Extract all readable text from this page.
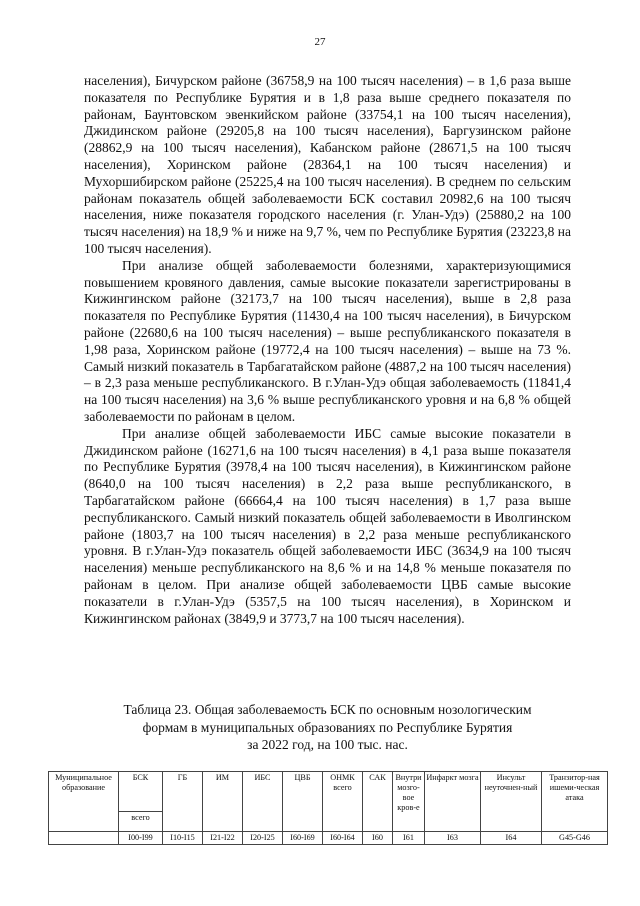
27

населения), Бичурском районе (36758,9 на 100 тысяч населения) – в 1,6 раза выше показателя по Республике Бурятия и в 1,8 раза выше среднего показателя по районам, Баунтовском эвенкийском районе (33754,1 на 100 тысяч населения), Джидинском районе (29205,8 на 100 тысяч населения), Баргузинском районе (28862,9 на 100 тысяч населения), Кабанском районе (28671,5 на 100 тысяч населения), Хоринском районе (28364,1 на 100 тысяч населения) и Мухоршибирском районе (25225,4 на 100 тысяч населения). В среднем по сельским районам показатель общей заболеваемости БСК составил 20982,6 на 100 тысяч населения, ниже показателя городского населения (г. Улан-Удэ) (25880,2 на 100 тысяч населения) на 18,9 % и ниже на 9,7 %, чем по Республике Бурятия (23223,8 на 100 тысяч населения).

При анализе общей заболеваемости болезнями, характеризующимися повышением кровяного давления, самые высокие показатели зарегистрированы в Кижингинском районе (32173,7 на 100 тысяч населения), выше в 2,8 раза показателя по Республике Бурятия (11430,4 на 100 тысяч населения), в Бичурском районе (22680,6 на 100 тысяч населения) – выше республиканского показателя в 1,98 раза, Хоринском районе (19772,4 на 100 тысяч населения) – выше на 73 %. Самый низкий показатель в Тарбагатайском районе (4887,2 на 100 тысяч населения) – в 2,3 раза меньше республиканского. В г.Улан-Удэ общая заболеваемость (11841,4 на 100 тысяч населения) на 3,6 % выше республиканского уровня и на 6,8 % общей заболеваемости по районам в целом.

При анализе общей заболеваемости ИБС самые высокие показатели в Джидинском районе (16271,6 на 100 тысяч населения) в 4,1 раза выше показателя по Республике Бурятия (3978,4 на 100 тысяч населения), в Кижингинском районе (8640,0 на 100 тысяч населения) в 2,2 раза выше республиканского, в Тарбагатайском районе (66664,4 на 100 тысяч населения) в 1,7 раза выше республиканского. Самый низкий показатель общей заболеваемости в Иволгинском районе (1803,7 на 100 тысяч населения) в 2,2 раза меньше республиканского уровня. В г.Улан-Удэ показатель общей заболеваемости ИБС (3634,9 на 100 тысяч населения) меньше республиканского на 8,6 % и на 14,8 % меньше показателя по районам в целом. При анализе общей заболеваемости ЦВБ самые высокие показатели в г.Улан-Удэ (5357,5 на 100 тысяч населения), в Хоринском и Кижингинском районах (3849,9 и 3773,7 на 100 тысяч населения).

Таблица 23. Общая заболеваемость БСК по основным нозологическим

формам в муниципальных образованиях по Республике Бурятия

за 2022 год, на 100 тыс. нас.

Муниципальное образование	БСК	ГБ	ИМ	ИБС	ЦВБ	ОНМК всего	САК	Внутри мозго-вое кров-е	Инфаркт мозга	Инсульт неуточнен-ный	Транзитор-ная ишеми-ческая атака
	всего										
	I00-I99	I10-I15	I21-I22	I20-I25	I60-I69	I60-I64	I60	I61	I63	I64	G45-G46
